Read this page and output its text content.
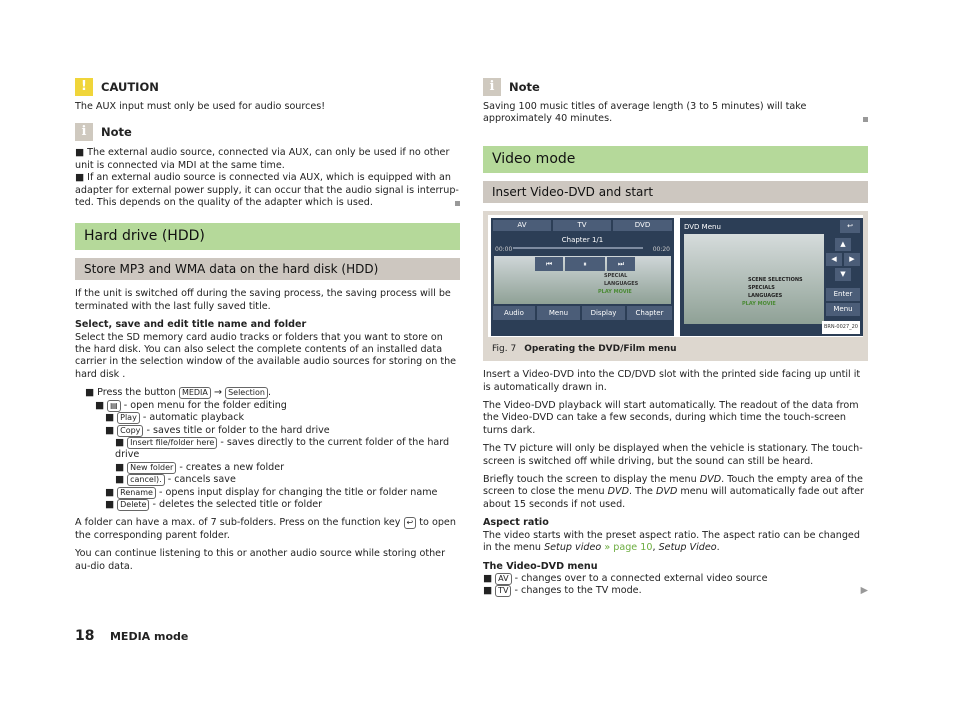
! CAUTION

The AUX input must only be used for audio sources!

i Note

■ The external audio source, connected via AUX, can only be used if no other unit is connected via MDI at the same time.

■ If an external audio source is connected via AUX, which is equipped with an adapter for external power supply, it can occur that the audio signal is interrup-ted. This depends on the quality of the adapter which is used.

Hard drive (HDD)
Store MP3 and WMA data on the hard disk (HDD)

If the unit is switched off during the saving process, the saving process will be terminated with the last fully saved title.

Select, save and edit title name and folder

Select the SD memory card audio tracks or folders that you want to store on the hard disk. You can also select the complete contents of an installed data carrier in the selection window of the available audio sources for storing on the hard disk .

■ Press the button MEDIA → Selection .
■ ▤ - open menu for the folder editing
■ Play - automatic playback
■ Copy - saves title or folder to the hard drive
■ Insert file/folder here - saves directly to the current folder of the hard drive
■ New folder - creates a new folder
■ cancel). - cancels save
■ Rename - opens input display for changing the title or folder name
■ Delete - deletes the selected title or folder

A folder can have a max. of 7 sub-folders. Press on the function key ↩ to open the corresponding parent folder.

You can continue listening to this or another audio source while storing other au-dio data.

i Note

Saving 100 music titles of average length (3 to 5 minutes) will take approximately 40 minutes.

Video mode
Insert Video-DVD and start
AV	TV	DVD
Chapter 1/1
00:00	00:20
SPECIAL
LANGUAGES
PLAY MOVIE
⏮	⏸	⏭
Audio	Menu	Display	Chapter
DVD Menu	↩
SCENE SELECTIONS
SPECIALS
LANGUAGES
PLAY MOVIE
▲
◀	▶
▼
Enter
Menu
BRN-0027_20
Fig. 7 Operating the DVD/Film menu

Insert a Video-DVD into the CD/DVD slot with the printed side facing up until it is automatically drawn in.

The Video-DVD playback will start automatically. The readout of the data from the Video-DVD can take a few seconds, during which time the touch-screen turns dark.

The TV picture will only be displayed when the vehicle is stationary. The touch-screen is switched off while driving, but the sound can still be heard.

Briefly touch the screen to display the menu DVD. Touch the empty area of the screen to close the menu DVD. The DVD menu will automatically fade out after about 15 seconds if not used.

Aspect ratio

The video starts with the preset aspect ratio. The aspect ratio can be changed in the menu Setup video » page 10, Setup Video.

The Video-DVD menu
■ AV - changes over to a connected external video source
■ TV - changes to the TV mode.	▶
18 MEDIA mode
